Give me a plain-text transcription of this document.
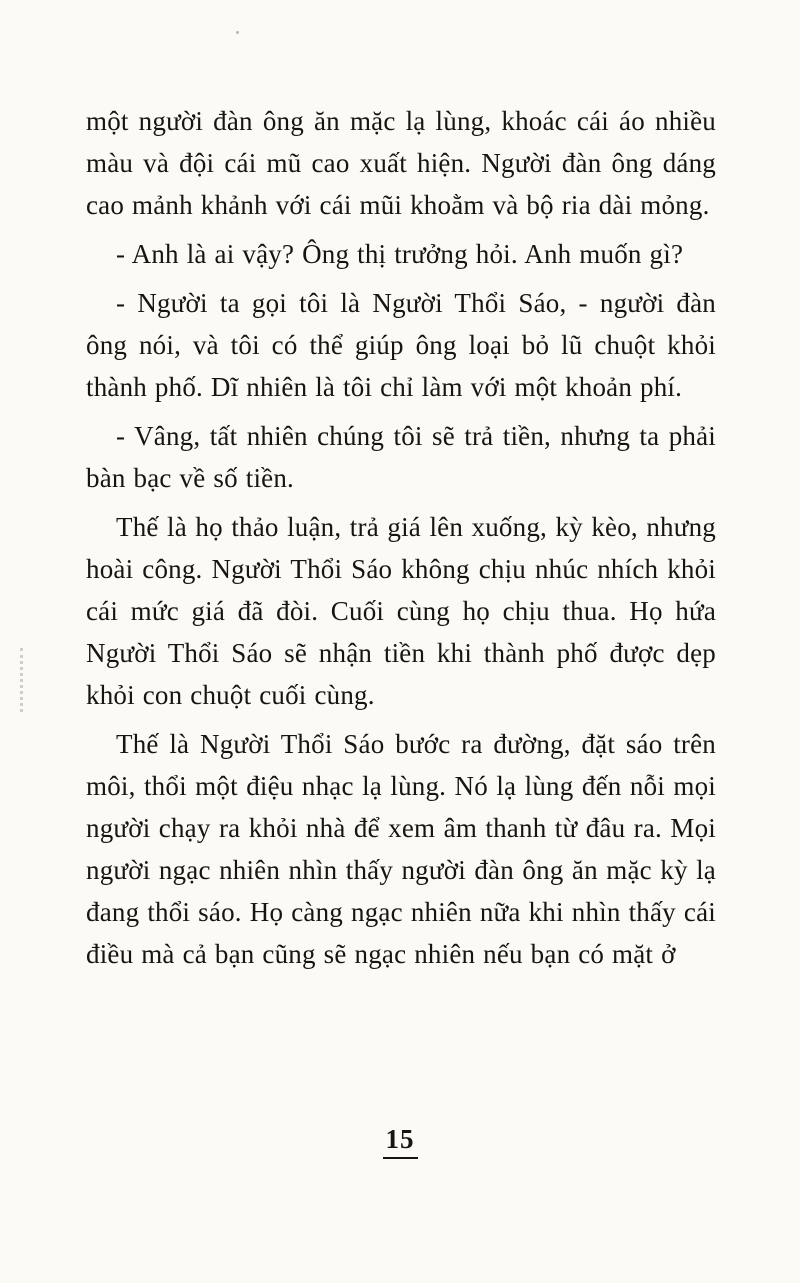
một người đàn ông ăn mặc lạ lùng, khoác cái áo nhiều màu và đội cái mũ cao xuất hiện. Người đàn ông dáng cao mảnh khảnh với cái mũi khoằm và bộ ria dài mỏng.

- Anh là ai vậy? Ông thị trưởng hỏi. Anh muốn gì?

- Người ta gọi tôi là Người Thổi Sáo, - người đàn ông nói, và tôi có thể giúp ông loại bỏ lũ chuột khỏi thành phố. Dĩ nhiên là tôi chỉ làm với một khoản phí.

- Vâng, tất nhiên chúng tôi sẽ trả tiền, nhưng ta phải bàn bạc về số tiền.

Thế là họ thảo luận, trả giá lên xuống, kỳ kèo, nhưng hoài công. Người Thổi Sáo không chịu nhúc nhích khỏi cái mức giá đã đòi. Cuối cùng họ chịu thua. Họ hứa Người Thổi Sáo sẽ nhận tiền khi thành phố được dẹp khỏi con chuột cuối cùng.

Thế là Người Thổi Sáo bước ra đường, đặt sáo trên môi, thổi một điệu nhạc lạ lùng. Nó lạ lùng đến nỗi mọi người chạy ra khỏi nhà để xem âm thanh từ đâu ra. Mọi người ngạc nhiên nhìn thấy người đàn ông ăn mặc kỳ lạ đang thổi sáo. Họ càng ngạc nhiên nữa khi nhìn thấy cái điều mà cả bạn cũng sẽ ngạc nhiên nếu bạn có mặt ở

15
